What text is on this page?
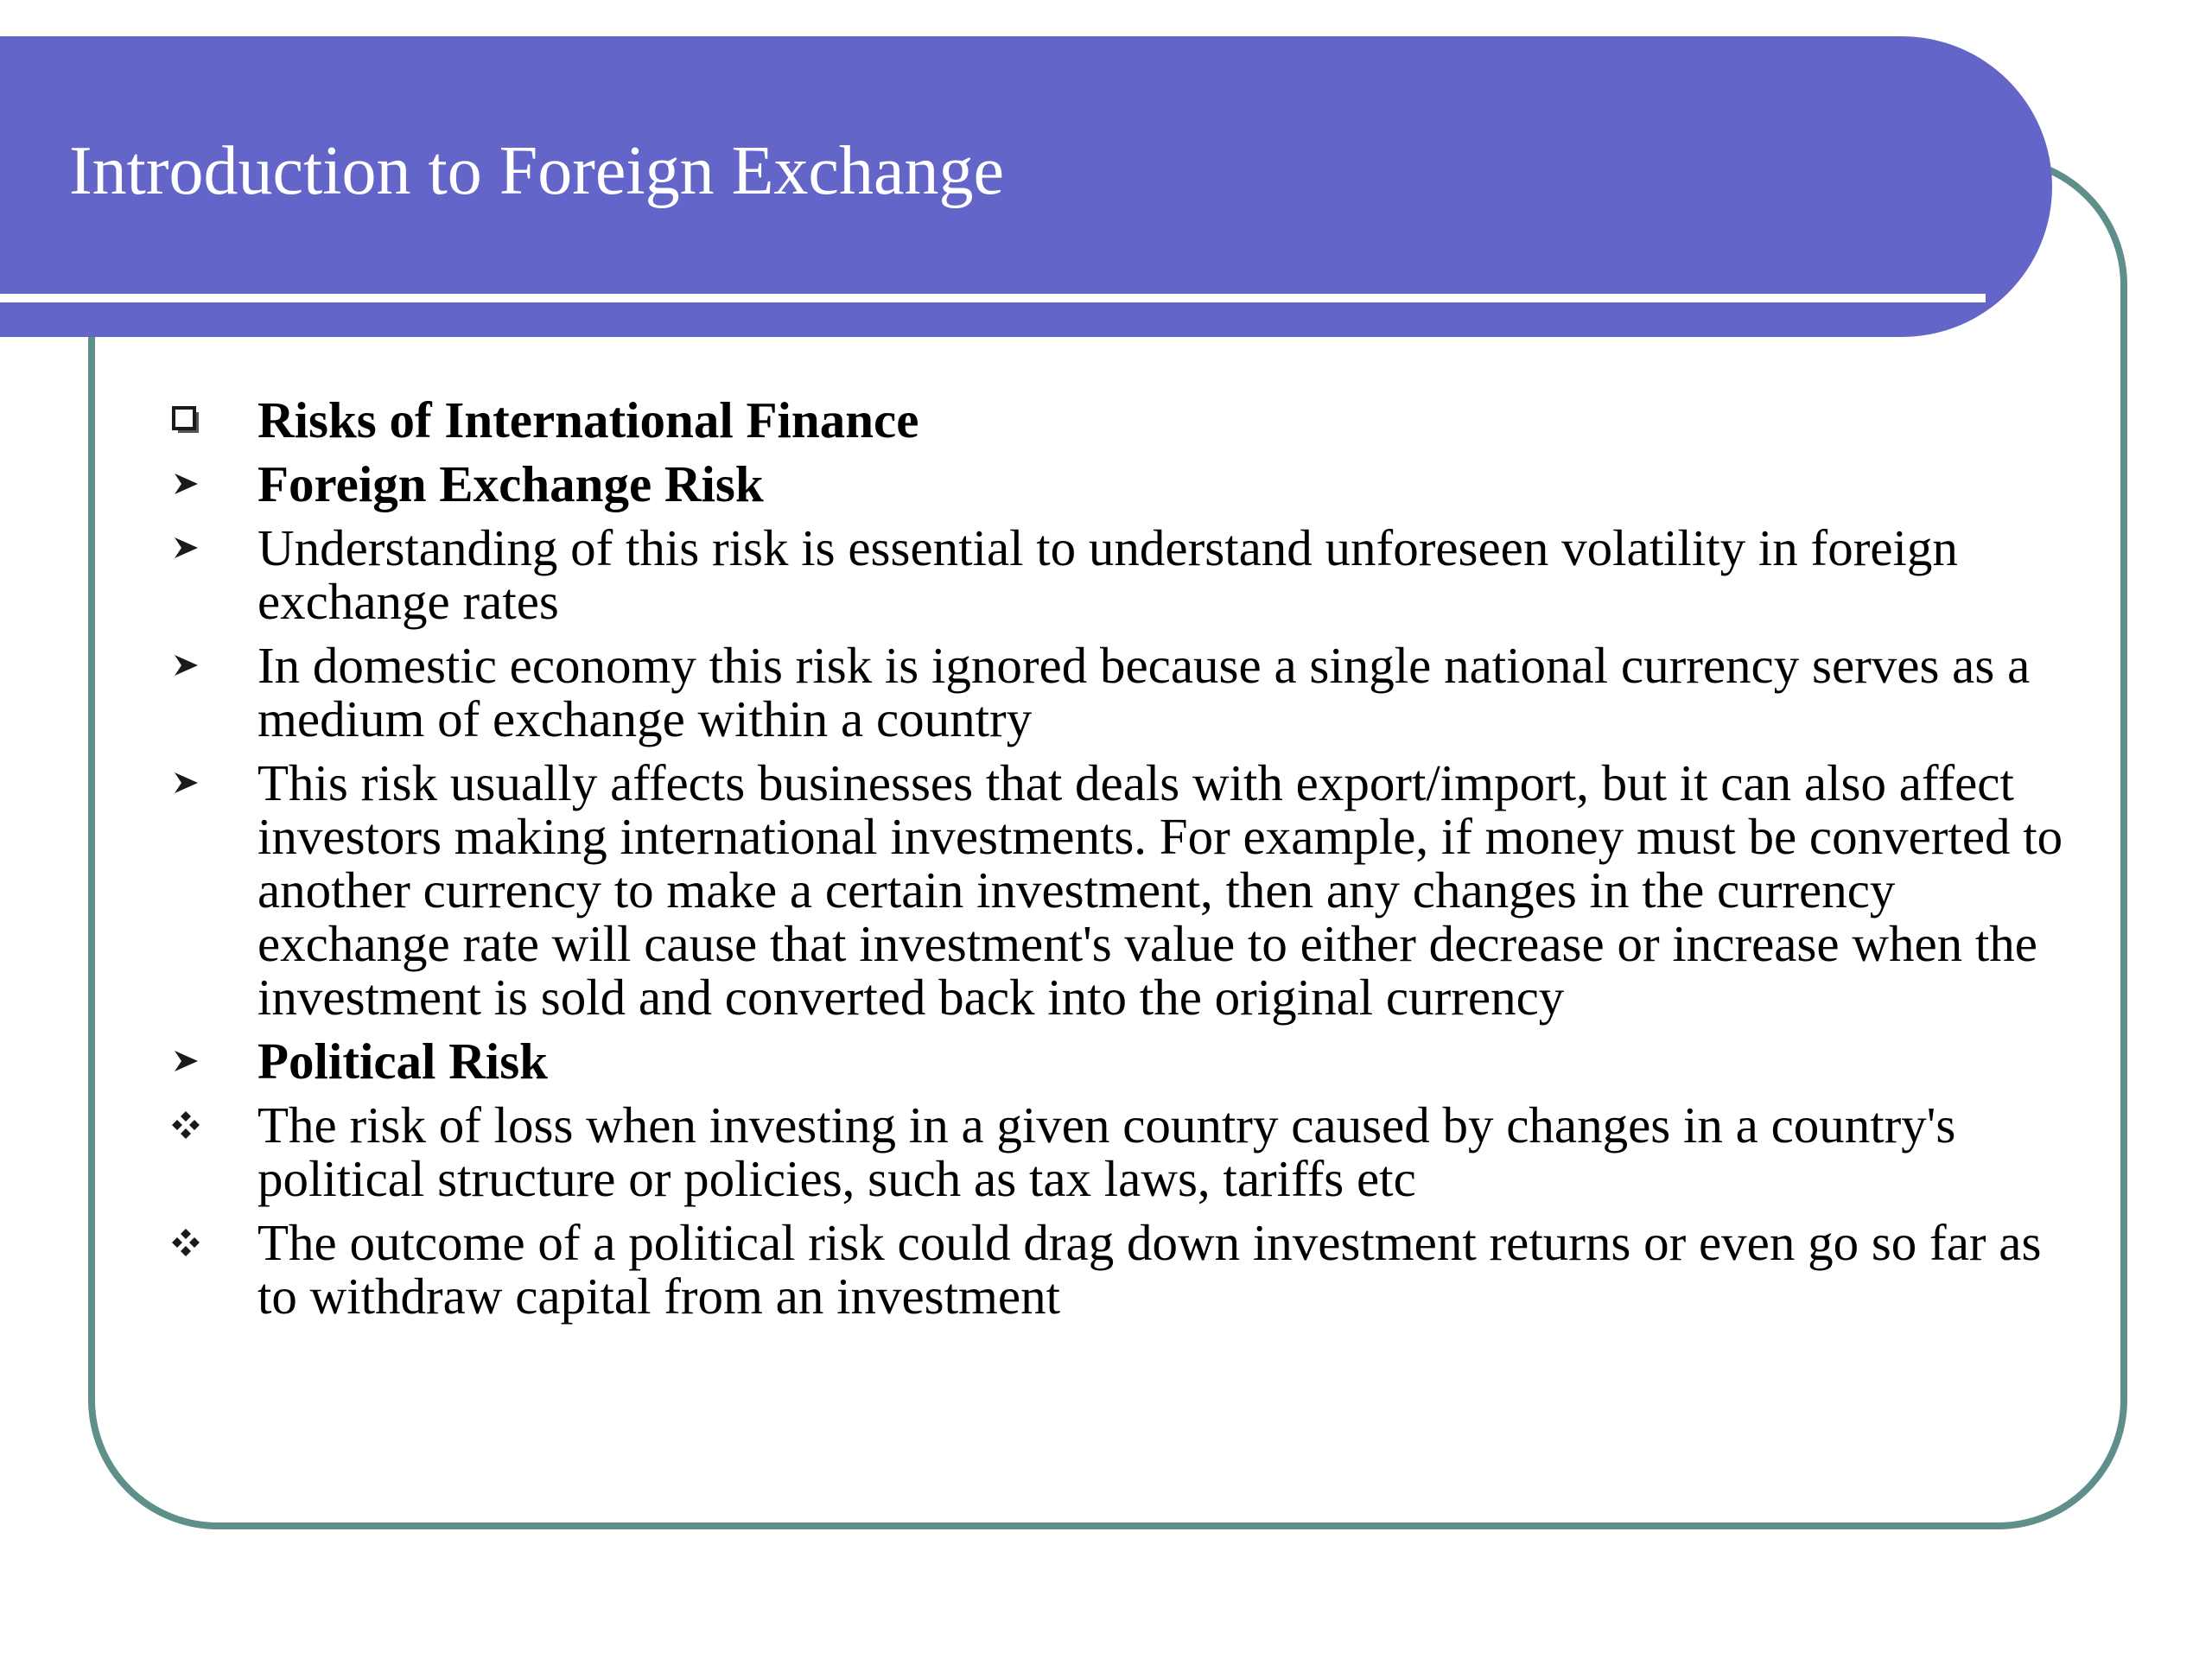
Introduction to Foreign Exchange
Risks of International Finance
Foreign Exchange Risk
Understanding of this risk is essential to understand unforeseen volatility in foreign exchange rates
In domestic economy this risk is ignored because a single national currency serves as a medium of exchange within a country
This risk usually affects businesses that deals with export/import, but it can also affect investors making international investments. For example, if money must be converted to another currency to make a certain investment, then any changes in the currency exchange rate will cause that investment's value to either decrease or increase when the investment is sold and converted back into the original currency
Political Risk
The risk of loss when investing in a given country caused by changes in a country's political structure or policies, such as tax laws, tariffs etc
The outcome of a political risk could drag down investment returns or even go so far as to withdraw capital from an investment
